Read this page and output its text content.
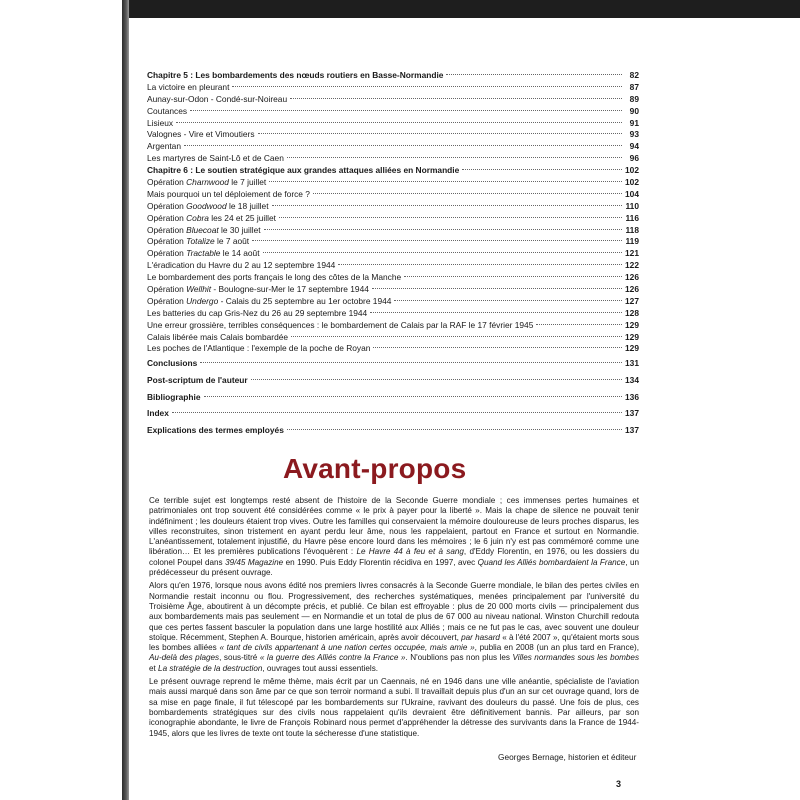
Chapitre 5 : Les bombardements des nœuds routiers en Basse-Normandie	82
La victoire en pleurant	87
Aunay-sur-Odon - Condé-sur-Noireau	89
Coutances	90
Lisieux	91
Valognes - Vire et Vimoutiers	93
Argentan	94
Les martyres de Saint-Lô et de Caen	96
Chapitre 6 : Le soutien stratégique aux grandes attaques alliées en Normandie	102
Opération Charnwood le 7 juillet	102
Mais pourquoi un tel déploiement de force ?	104
Opération Goodwood le 18 juillet	110
Opération Cobra les 24 et 25 juillet	116
Opération Bluecoat le 30 juillet	118
Opération Totalize le 7 août	119
Opération Tractable le 14 août	121
L'éradication du Havre du 2 au 12 septembre 1944	122
Le bombardement des ports français le long des côtes de la Manche	126
Opération Wellhit - Boulogne-sur-Mer le 17 septembre 1944	126
Opération Undergo - Calais du 25 septembre au 1er octobre 1944	127
Les batteries du cap Gris-Nez du 26 au 29 septembre 1944	128
Une erreur grossière, terribles conséquences : le bombardement de Calais par la RAF le 17 février 1945	129
Calais libérée mais Calais bombardée	129
Les poches de l'Atlantique : l'exemple de la poche de Royan	129
Conclusions	131
Post-scriptum de l'auteur	134
Bibliographie	136
Index	137
Explications des termes employés	137
Avant-propos

Ce terrible sujet est longtemps resté absent de l'histoire de la Seconde Guerre mondiale ; ces immenses pertes humaines et patrimoniales ont trop souvent été considérées comme « le prix à payer pour la liberté ». Mais la chape de silence ne pouvait tenir indéfiniment ; les douleurs étaient trop vives. Outre les familles qui conservaient la mémoire douloureuse de leurs proches disparus, les villes reconstruites, sinon tristement en ayant perdu leur âme, nous les rappelaient, partout en France et surtout en Normandie. L'anéantissement, totalement injustifié, du Havre pèse encore lourd dans les mémoires ; le 6 juin n'y est pas commémoré comme une libération… Et les premières publications l'évoquèrent : Le Havre 44 à feu et à sang, d'Eddy Florentin, en 1976, ou les dossiers du colonel Poupel dans 39/45 Magazine en 1990. Puis Eddy Florentin récidiva en 1997, avec Quand les Alliés bombardaient la France, un prédécesseur du présent ouvrage.

Alors qu'en 1976, lorsque nous avons édité nos premiers livres consacrés à la Seconde Guerre mondiale, le bilan des pertes civiles en Normandie restait inconnu ou flou. Progressivement, des recherches systématiques, menées principalement par l'université du Troisième Âge, aboutirent à un décompte précis, et publié. Ce bilan est effroyable : plus de 20 000 morts civils — principalement dus aux bombardements mais pas seulement — en Normandie et un total de plus de 67 000 au niveau national. Winston Churchill redouta que ces pertes fassent basculer la population dans une large hostilité aux Alliés ; mais ce ne fut pas le cas, avec souvent une douleur stoïque. Récemment, Stephen A. Bourque, historien américain, après avoir découvert, par hasard « à l'été 2007 », qu'étaient morts sous les bombes alliées « tant de civils appartenant à une nation certes occupée, mais amie », publia en 2008 (un an plus tard en France), Au-delà des plages, sous-titré « la guerre des Alliés contre la France ». N'oublions pas non plus les Villes normandes sous les bombes et La stratégie de la destruction, ouvrages tout aussi essentiels.

Le présent ouvrage reprend le même thème, mais écrit par un Caennais, né en 1946 dans une ville anéantie, spécialiste de l'aviation mais aussi marqué dans son âme par ce que son terroir normand a subi. Il travaillait depuis plus d'un an sur cet ouvrage quand, lors de sa mise en page finale, il fut télescopé par les bombardements sur l'Ukraine, ravivant des douleurs du passé. Une fois de plus, ces bombardements stratégiques sur des civils nous rappelaient qu'ils devraient être définitivement bannis. Par ailleurs, par son iconographie abondante, le livre de François Robinard nous permet d'appréhender la détresse des survivants dans la France de 1944-1945, alors que les livres de texte ont toute la sécheresse d'une statistique.

Georges Bernage, historien et éditeur
3
